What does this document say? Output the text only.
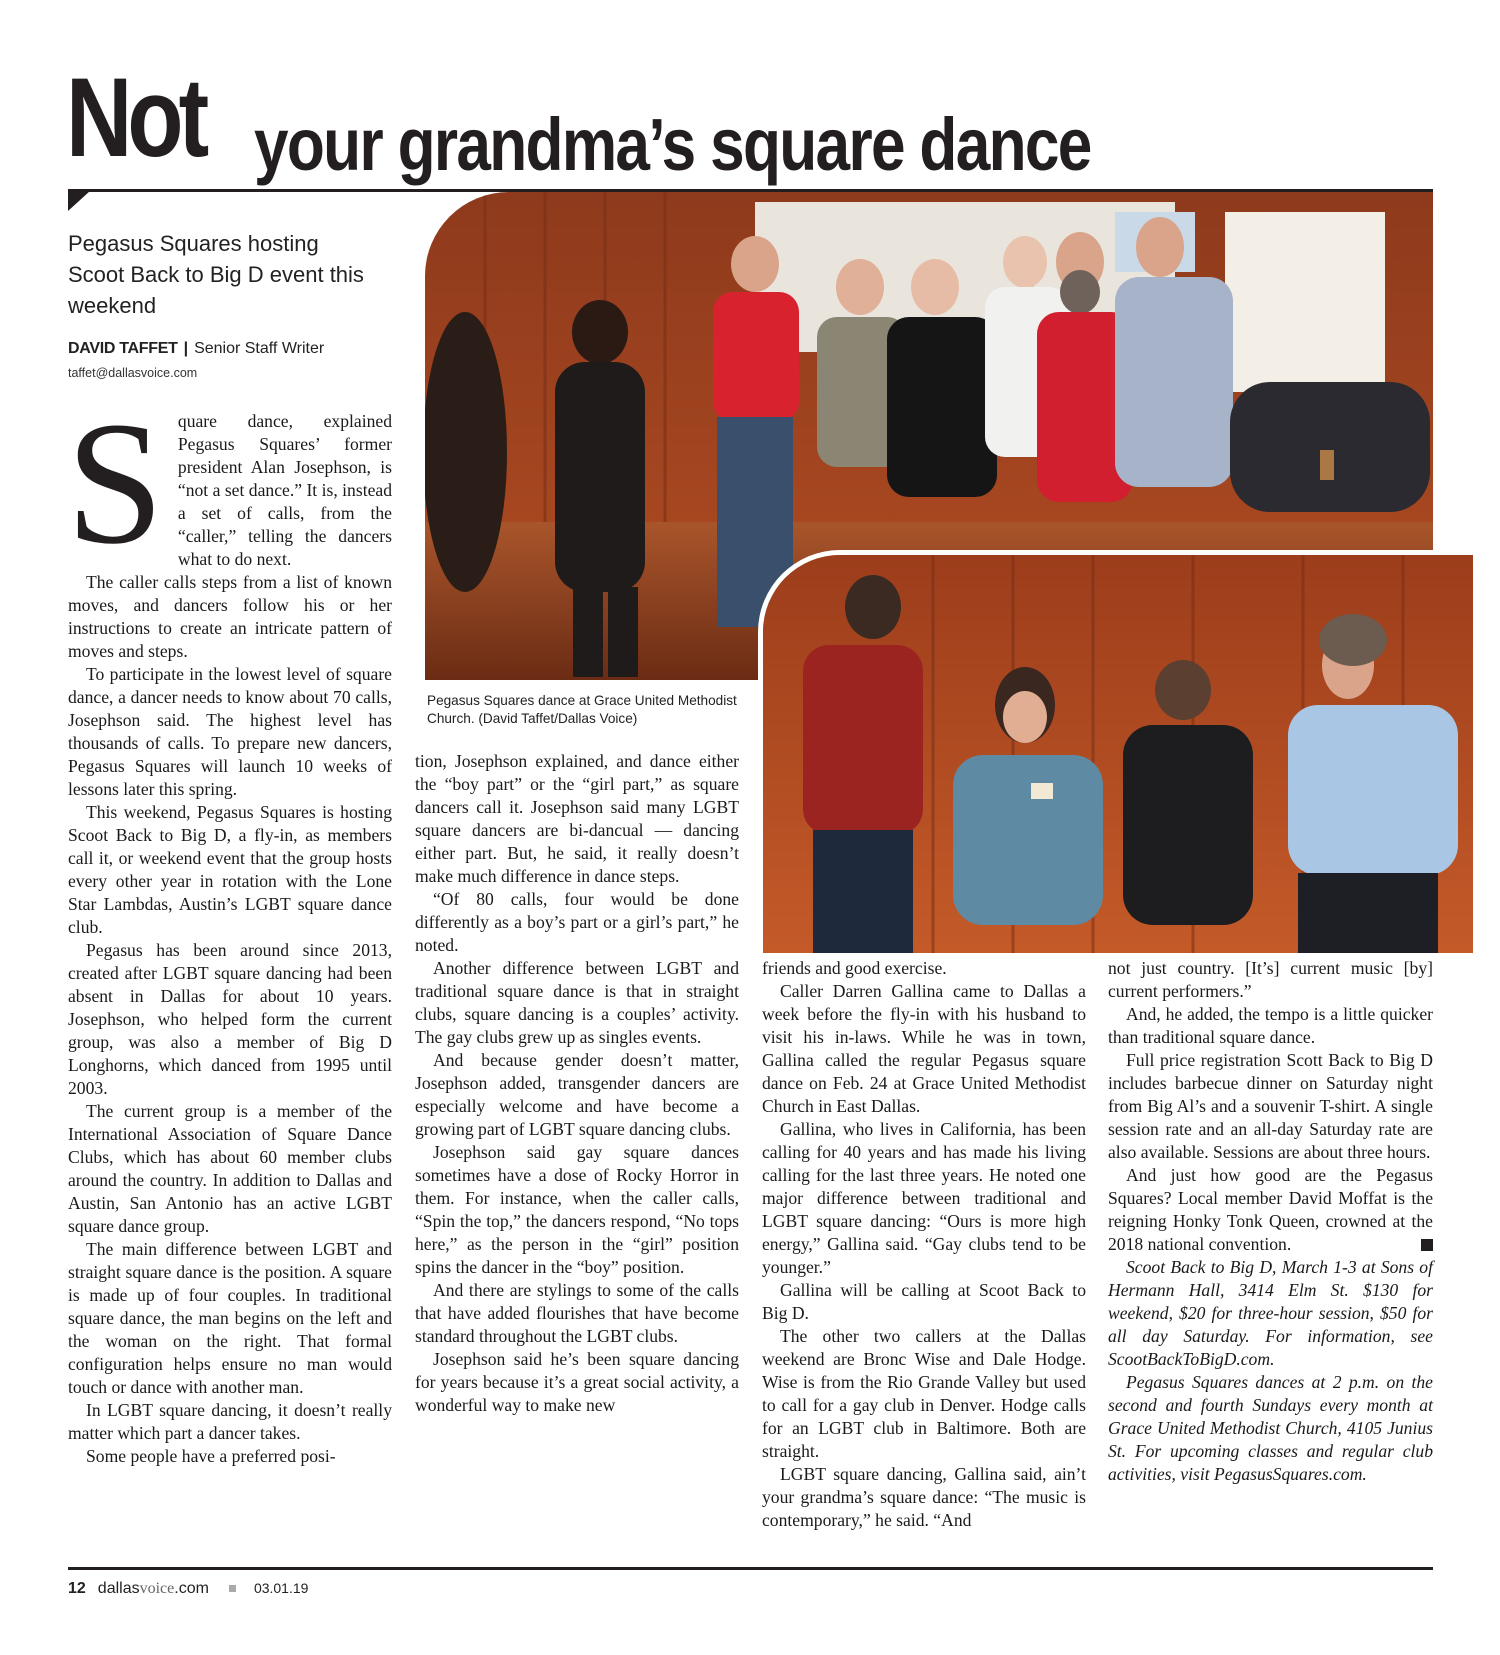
Not your grandma’s square dance
Pegasus Squares hosting Scoot Back to Big D event this weekend
DAVID TAFFET | Senior Staff Writer
taffet@dallasvoice.com
S quare dance, explained Pegasus Squares’ former president Alan Josephson, is “not a set dance.” It is, instead a set of calls, from the “caller,” telling the dancers what to do next.

The caller calls steps from a list of known moves, and dancers follow his or her instructions to create an intricate pattern of moves and steps.

To participate in the lowest level of square dance, a dancer needs to know about 70 calls, Josephson said. The highest level has thousands of calls. To prepare new dancers, Pegasus Squares will launch 10 weeks of lessons later this spring.

This weekend, Pegasus Squares is hosting Scoot Back to Big D, a fly-in, as members call it, or weekend event that the group hosts every other year in rotation with the Lone Star Lambdas, Austin’s LGBT square dance club.

Pegasus has been around since 2013, created after LGBT square dancing had been absent in Dallas for about 10 years. Josephson, who helped form the current group, was also a member of Big D Longhorns, which danced from 1995 until 2003.

The current group is a member of the International Association of Square Dance Clubs, which has about 60 member clubs around the country. In addition to Dallas and Austin, San Antonio has an active LGBT square dance group.

The main difference between LGBT and straight square dance is the position. A square is made up of four couples. In traditional square dance, the man begins on the left and the woman on the right. That formal configuration helps ensure no man would touch or dance with another man.

In LGBT square dancing, it doesn’t really matter which part a dancer takes.

Some people have a preferred posi-

Pegasus Squares dance at Grace United Methodist Church. (David Taffet/Dallas Voice)

tion, Josephson explained, and dance either the “boy part” or the “girl part,” as square dancers call it. Josephson said many LGBT square dancers are bi-dancual — dancing either part. But, he said, it really doesn’t make much difference in dance steps.

“Of 80 calls, four would be done differently as a boy’s part or a girl’s part,” he noted.

Another difference between LGBT and traditional square dance is that in straight clubs, square dancing is a couples’ activity. The gay clubs grew up as singles events.

And because gender doesn’t matter, Josephson added, transgender dancers are especially welcome and have become a growing part of LGBT square dancing clubs.

Josephson said gay square dances sometimes have a dose of Rocky Horror in them. For instance, when the caller calls, “Spin the top,” the dancers respond, “No tops here,” as the person in the “girl” position spins the dancer in the “boy” position.

And there are stylings to some of the calls that have added flourishes that have become standard throughout the LGBT clubs.

Josephson said he’s been square dancing for years because it’s a great social activity, a wonderful way to make new

friends and good exercise.

Caller Darren Gallina came to Dallas a week before the fly-in with his husband to visit his in-laws. While he was in town, Gallina called the regular Pegasus square dance on Feb. 24 at Grace United Methodist Church in East Dallas.

Gallina, who lives in California, has been calling for 40 years and has made his living calling for the last three years. He noted one major difference between traditional and LGBT square dancing: “Ours is more high energy,” Gallina said. “Gay clubs tend to be younger.”

Gallina will be calling at Scoot Back to Big D.

The other two callers at the Dallas weekend are Bronc Wise and Dale Hodge. Wise is from the Rio Grande Valley but used to call for a gay club in Denver. Hodge calls for an LGBT club in Baltimore. Both are straight.

LGBT square dancing, Gallina said, ain’t your grandma’s square dance: “The music is contemporary,” he said. “And

not just country. [It’s] current music [by] current performers.”

And, he added, the tempo is a little quicker than traditional square dance.

Full price registration Scott Back to Big D includes barbecue dinner on Saturday night from Big Al’s and a souvenir T-shirt. A single session rate and an all-day Saturday rate are also available. Sessions are about three hours.

And just how good are the Pegasus Squares? Local member David Moffat is the reigning Honky Tonk Queen, crowned at the 2018 national convention.

Scoot Back to Big D, March 1-3 at Sons of Hermann Hall, 3414 Elm St. $130 for weekend, $20 for three-hour session, $50 for all day Saturday. For information, see ScootBackToBigD.com.

Pegasus Squares dances at 2 p.m. on the second and fourth Sundays every month at Grace United Methodist Church, 4105 Junius St. For upcoming classes and regular club activities, visit PegasusSquares.com.

12 dallasvoice.com	03.01.19
